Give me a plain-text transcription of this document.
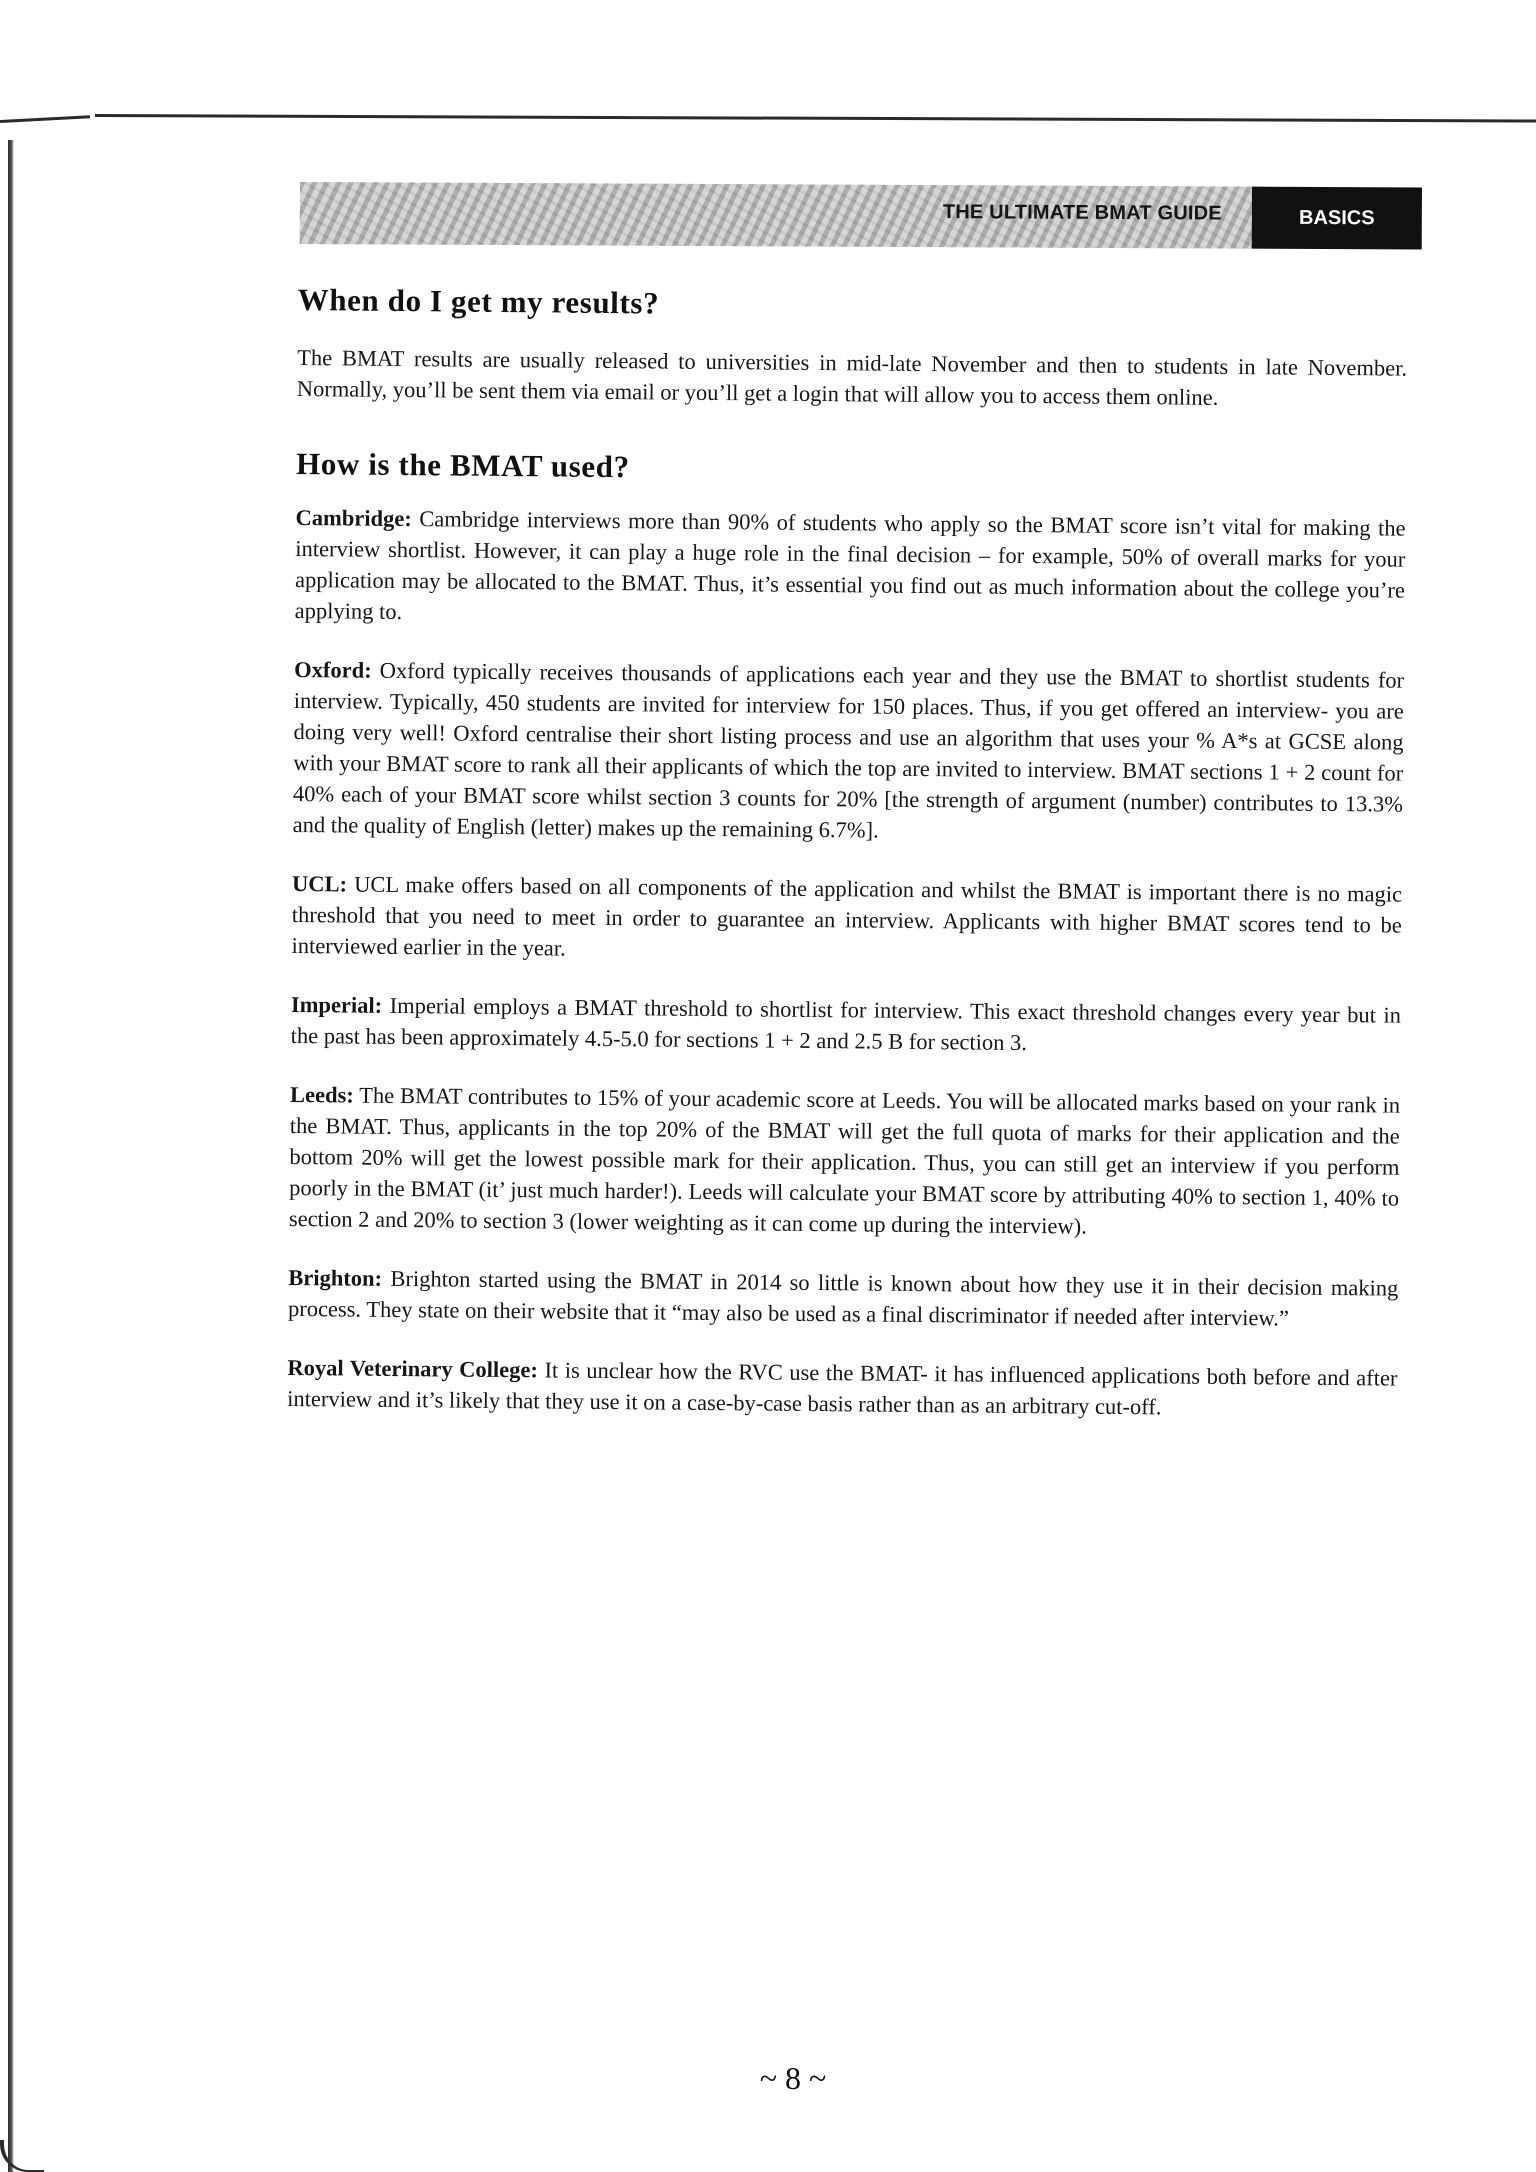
THE ULTIMATE BMAT GUIDE	BASICS
When do I get my results?

The BMAT results are usually released to universities in mid-late November and then to students in late November. Normally, you’ll be sent them via email or you’ll get a login that will allow you to access them online.

How is the BMAT used?

Cambridge: Cambridge interviews more than 90% of students who apply so the BMAT score isn’t vital for making the interview shortlist. However, it can play a huge role in the final decision – for example, 50% of overall marks for your application may be allocated to the BMAT. Thus, it’s essential you find out as much information about the college you’re applying to.

Oxford: Oxford typically receives thousands of applications each year and they use the BMAT to shortlist students for interview. Typically, 450 students are invited for interview for 150 places. Thus, if you get offered an interview- you are doing very well! Oxford centralise their short listing process and use an algorithm that uses your % A*s at GCSE along with your BMAT score to rank all their applicants of which the top are invited to interview. BMAT sections 1 + 2 count for 40% each of your BMAT score whilst section 3 counts for 20% [the strength of argument (number) contributes to 13.3% and the quality of English (letter) makes up the remaining 6.7%].

UCL: UCL make offers based on all components of the application and whilst the BMAT is important there is no magic threshold that you need to meet in order to guarantee an interview. Applicants with higher BMAT scores tend to be interviewed earlier in the year.

Imperial: Imperial employs a BMAT threshold to shortlist for interview. This exact threshold changes every year but in the past has been approximately 4.5-5.0 for sections 1 + 2 and 2.5 B for section 3.

Leeds: The BMAT contributes to 15% of your academic score at Leeds. You will be allocated marks based on your rank in the BMAT. Thus, applicants in the top 20% of the BMAT will get the full quota of marks for their application and the bottom 20% will get the lowest possible mark for their application. Thus, you can still get an interview if you perform poorly in the BMAT (it’ just much harder!). Leeds will calculate your BMAT score by attributing 40% to section 1, 40% to section 2 and 20% to section 3 (lower weighting as it can come up during the interview).

Brighton: Brighton started using the BMAT in 2014 so little is known about how they use it in their decision making process. They state on their website that it “may also be used as a final discriminator if needed after interview.”

Royal Veterinary College: It is unclear how the RVC use the BMAT- it has influenced applications both before and after interview and it’s likely that they use it on a case-by-case basis rather than as an arbitrary cut-off.

~ 8 ~
